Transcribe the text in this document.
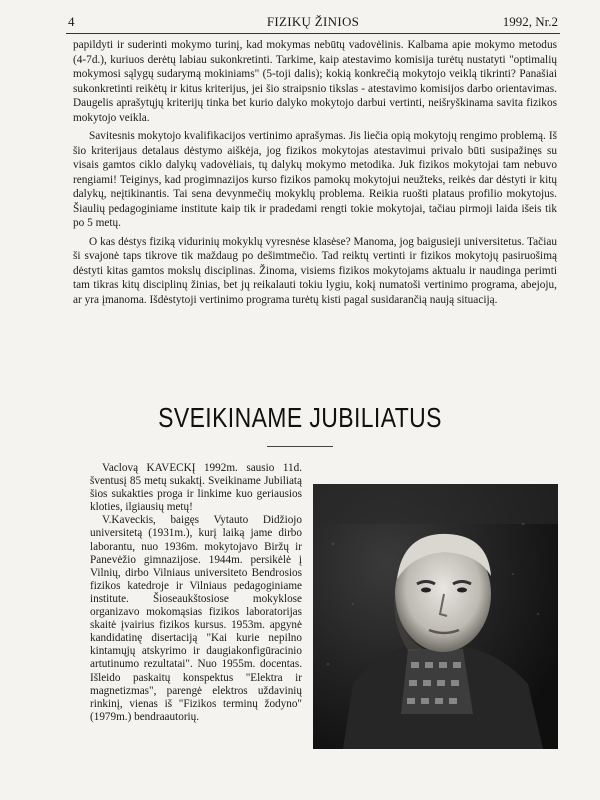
4	FIZIKŲ ŽINIOS	1992, Nr.2

papildyti ir suderinti mokymo turinį, kad mokymas nebūtų vadovėlinis. Kalbama apie mokymo metodus (4-7d.), kuriuos derėtų labiau sukonkretinti. Tarkime, kaip atestavimo komisija turėtų nustatyti "optimalių mokymosi sąlygų sudarymą mokiniams" (5-toji dalis); kokią konkrečią mokytojo veiklą tikrinti? Panašiai sukonkretinti reikėtų ir kitus kriterijus, jei šio straipsnio tikslas - atestavimo komisijos darbo orientavimas. Daugelis aprašytųjų kriterijų tinka bet kurio dalyko mokytojo darbui vertinti, neišryškinama savita fizikos mokytojo veikla.

Savitesnis mokytojo kvalifikacijos vertinimo aprašymas. Jis liečia opią mokytojų rengimo problemą. Iš šio kriterijaus detalaus dėstymo aiškėja, jog fizikos mokytojas atestavimui privalo būti susipažinęs su visais gamtos ciklo dalykų vadovėliais, tų dalykų mokymo metodika. Juk fizikos mokytojai tam nebuvo rengiami! Teiginys, kad progimnazijos kurso fizikos pamokų mokytojui neužteks, reikės dar dėstyti ir kitų dalykų, neįtikinantis. Tai sena devynmečių mokyklų problema. Reikia ruošti plataus profilio mokytojus. Šiaulių pedagoginiame institute kaip tik ir pradedami rengti tokie mokytojai, tačiau pirmoji laida išeis tik po 5 metų.

O kas dėstys fiziką vidurinių mokyklų vyresnėse klasėse? Manoma, jog baigusieji universitetus. Tačiau ši svajonė taps tikrove tik maždaug po dešimtmečio. Tad reiktų vertinti ir fizikos mokytojų pasiruošimą dėstyti kitas gamtos mokslų disciplinas. Žinoma, visiems fizikos mokytojams aktualu ir naudinga perimti tam tikras kitų disciplinų žinias, bet jų reikalauti tokiu lygiu, kokį numatoši vertinimo programa, abejoju, ar yra įmanoma. Išdėstytoji vertinimo programa turėtų kisti pagal susidarančią naują situaciją.

SVEIKINAME JUBILIATUS

Vaclovą KAVECKĮ 1992m. sausio 11d. šventusį 85 metų sukaktį. Sveikiname Jubiliatą šios sukakties proga ir linkime kuo geriausios kloties, ilgiausių metų!

V.Kaveckis, baigęs Vytauto Didžiojo universitetą (1931m.), kurį laiką jame dirbo laborantu, nuo 1936m. mokytojavo Biržų ir Panevėžio gimnazijose. 1944m. persikėlė į Vilnių, dirbo Vilniaus universiteto Bendrosios fizikos katedroje ir Vilniaus pedagoginiame institute. Šioseaukštosiose mokyklose organizavo mokomąsias fizikos laboratorijas skaitė įvairius fizikos kursus. 1953m. apgynė kandidatinę disertaciją "Kai kurie nepilno kintamųjų atskyrimo ir daugiakonfigūracinio artutinumo rezultatai". Nuo 1955m. docentas. Išleido paskaitų konspektus "Elektra ir magnetizmas", parengė elektros uždavinių rinkinį, vienas iš "Fizikos terminų žodyno" (1979m.) bendraautorių.
